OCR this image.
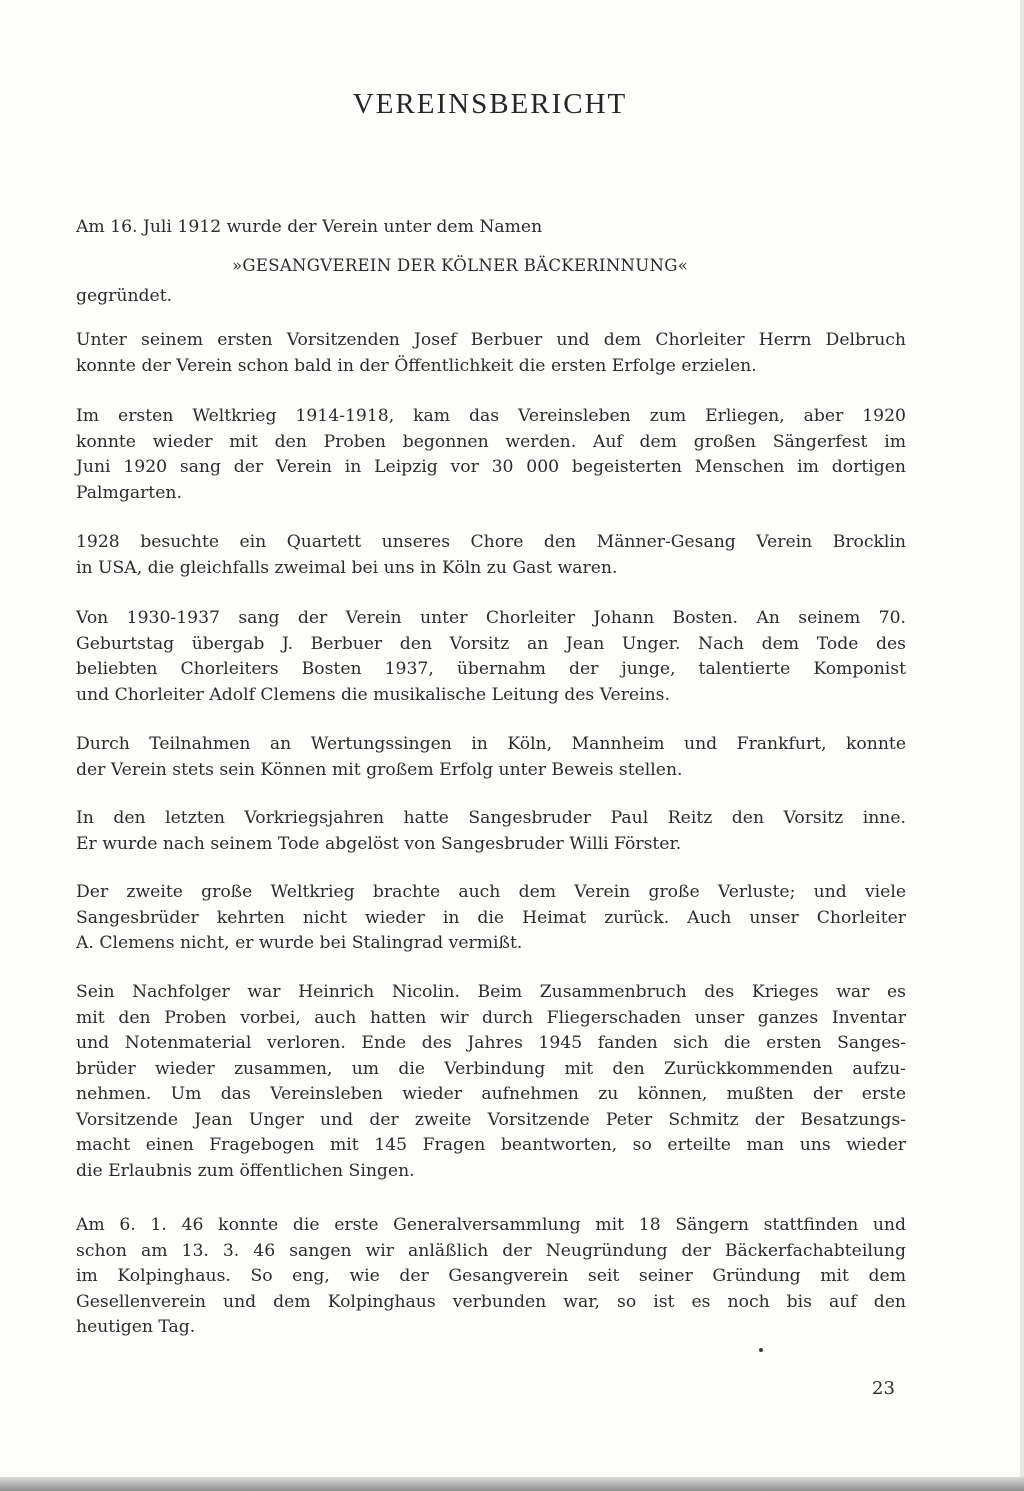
VEREINSBERICHT

Am 16. Juli 1912 wurde der Verein unter dem Namen

»GESANGVEREIN DER KÖLNER BÄCKERINNUNG«

gegründet.

Unter seinem ersten Vorsitzenden Josef Berbuer und dem Chorleiter Herrn Delbruch
konnte der Verein schon bald in der Öffentlichkeit die ersten Erfolge erzielen.

Im ersten Weltkrieg 1914-1918, kam das Vereinsleben zum Erliegen, aber 1920
konnte wieder mit den Proben begonnen werden. Auf dem großen Sängerfest im
Juni 1920 sang der Verein in Leipzig vor 30 000 begeisterten Menschen im dortigen
Palmgarten.

1928 besuchte ein Quartett unseres Chore den Männer-Gesang Verein Brocklin
in USA, die gleichfalls zweimal bei uns in Köln zu Gast waren.

Von 1930-1937 sang der Verein unter Chorleiter Johann Bosten. An seinem 70.
Geburtstag übergab J. Berbuer den Vorsitz an Jean Unger. Nach dem Tode des
beliebten Chorleiters Bosten 1937, übernahm der junge, talentierte Komponist
und Chorleiter Adolf Clemens die musikalische Leitung des Vereins.

Durch Teilnahmen an Wertungssingen in Köln, Mannheim und Frankfurt, konnte
der Verein stets sein Können mit großem Erfolg unter Beweis stellen.

In den letzten Vorkriegsjahren hatte Sangesbruder Paul Reitz den Vorsitz inne.
Er wurde nach seinem Tode abgelöst von Sangesbruder Willi Förster.

Der zweite große Weltkrieg brachte auch dem Verein große Verluste; und viele
Sangesbrüder kehrten nicht wieder in die Heimat zurück. Auch unser Chorleiter
A. Clemens nicht, er wurde bei Stalingrad vermißt.

Sein Nachfolger war Heinrich Nicolin. Beim Zusammenbruch des Krieges war es
mit den Proben vorbei, auch hatten wir durch Fliegerschaden unser ganzes Inventar
und Notenmaterial verloren. Ende des Jahres 1945 fanden sich die ersten Sanges-
brüder wieder zusammen, um die Verbindung mit den Zurückkommenden aufzu-
nehmen. Um das Vereinsleben wieder aufnehmen zu können, mußten der erste
Vorsitzende Jean Unger und der zweite Vorsitzende Peter Schmitz der Besatzungs-
macht einen Fragebogen mit 145 Fragen beantworten, so erteilte man uns wieder
die Erlaubnis zum öffentlichen Singen.

Am 6. 1. 46 konnte die erste Generalversammlung mit 18 Sängern stattfinden und
schon am 13. 3. 46 sangen wir anläßlich der Neugründung der Bäckerfachabteilung
im Kolpinghaus. So eng, wie der Gesangverein seit seiner Gründung mit dem
Gesellenverein und dem Kolpinghaus verbunden war, so ist es noch bis auf den
heutigen Tag.

23
